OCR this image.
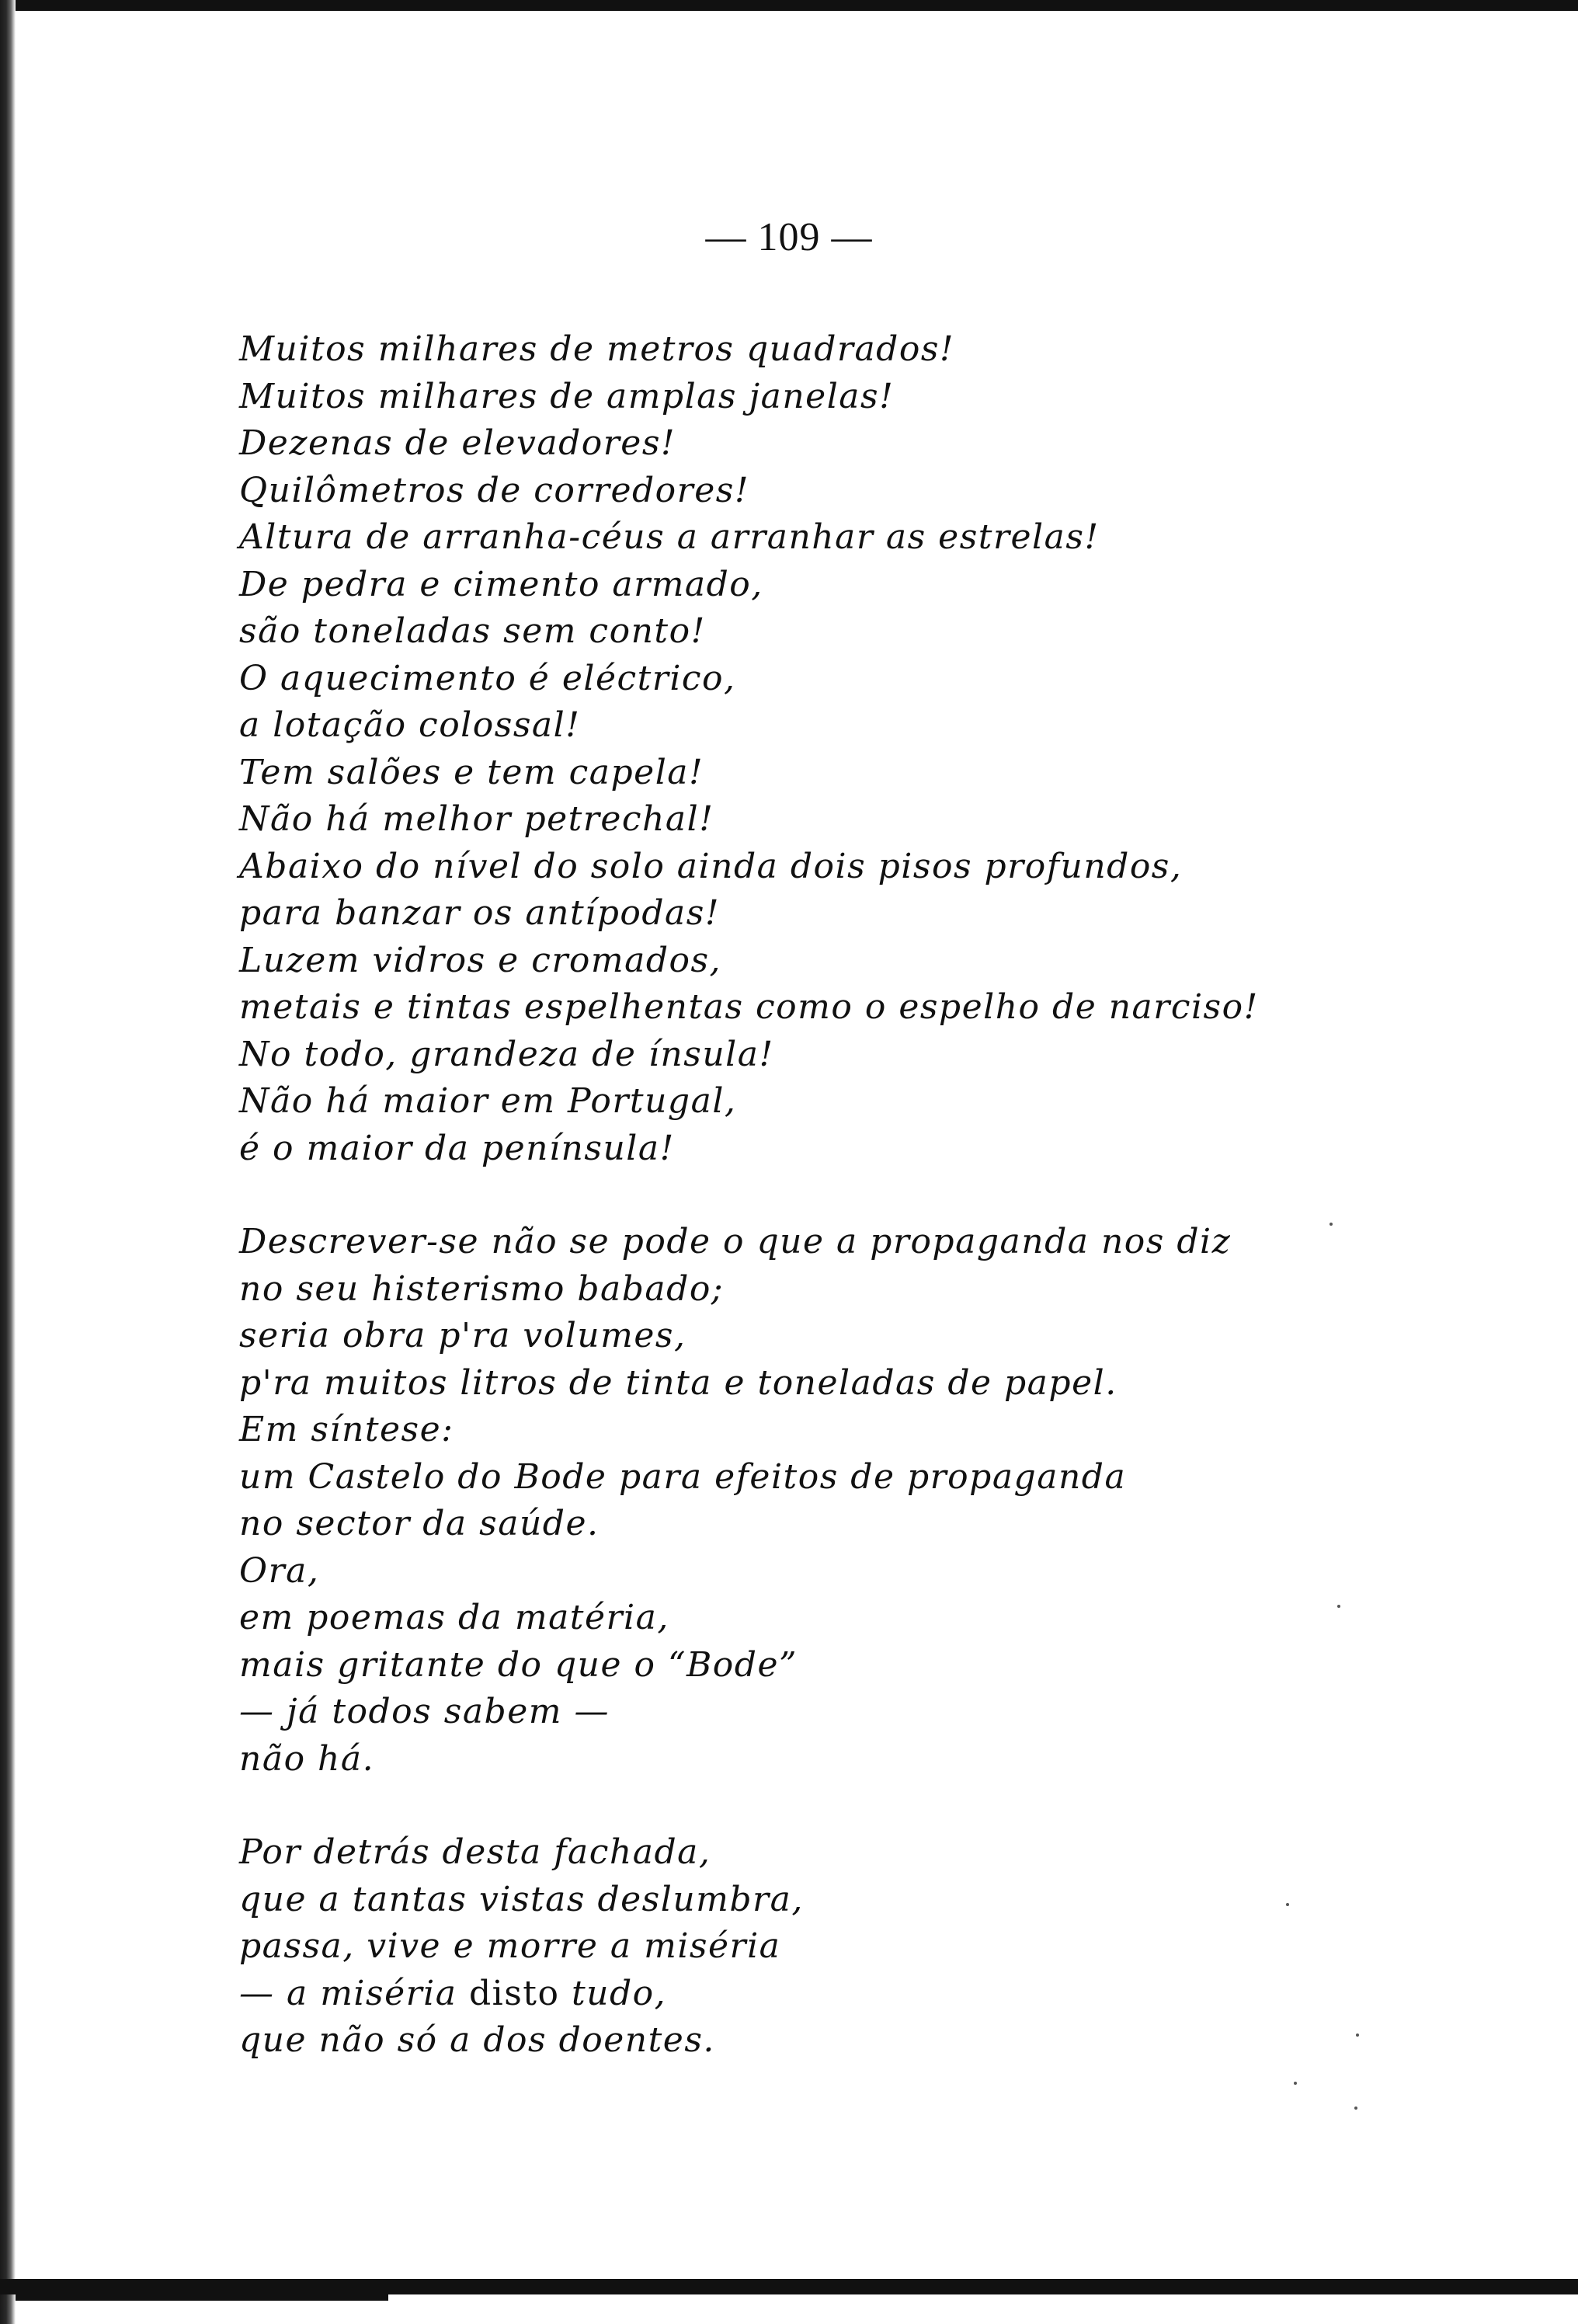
— 109 —
Muitos milhares de metros quadrados!
Muitos milhares de amplas janelas!
Dezenas de elevadores!
Quilômetros de corredores!
Altura de arranha-céus a arranhar as estrelas!
De pedra e cimento armado,
são toneladas sem conto!
O aquecimento é eléctrico,
a lotação colossal!
Tem salões e tem capela!
Não há melhor petrechal!
Abaixo do nível do solo ainda dois pisos profundos,
para banzar os antípodas!
Luzem vidros e cromados,
metais e tintas espelhentas como o espelho de narciso!
No todo, grandeza de ínsula!
Não há maior em Portugal,
é o maior da península!
Descrever-se não se pode o que a propaganda nos diz
no seu histerismo babado;
seria obra p'ra volumes,
p'ra muitos litros de tinta e toneladas de papel.
Em síntese:
um Castelo do Bode para efeitos de propaganda
no sector da saúde.
Ora,
em poemas da matéria,
mais gritante do que o “Bode”
— já todos sabem —
não há.
Por detrás desta fachada,
que a tantas vistas deslumbra,
passa, vive e morre a miséria
— a miséria disto tudo,
que não só a dos doentes.
